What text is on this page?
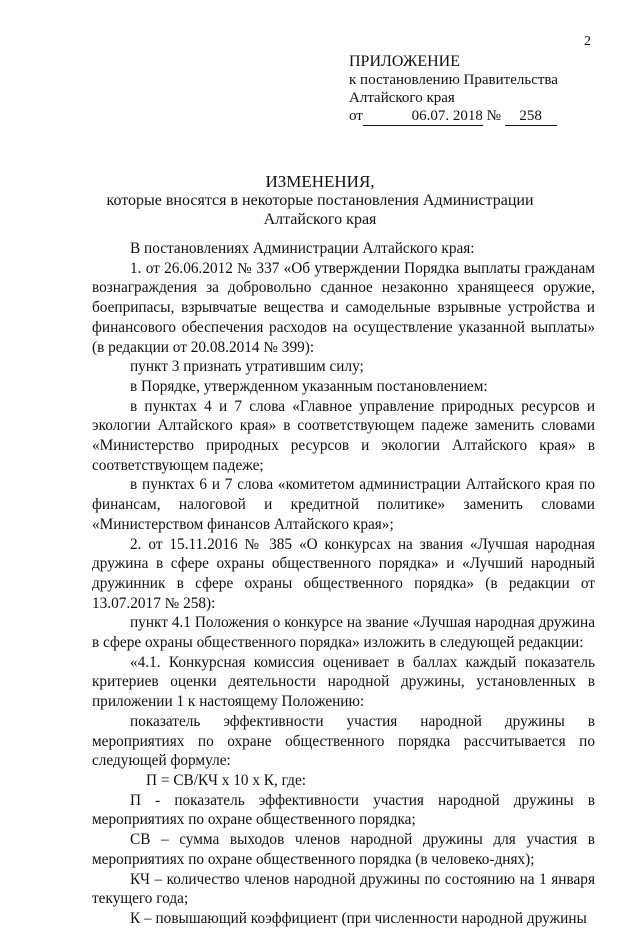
2
ПРИЛОЖЕНИЕ
к постановлению Правительства
Алтайского края
от	06.07. 2018 № 258
ИЗМЕНЕНИЯ,
которые вносятся в некоторые постановления Администрации
Алтайского края

В постановлениях Администрации Алтайского края:

1. от 26.06.2012 № 337 «Об утверждении Порядка выплаты гражданам вознаграждения за добровольно сданное незаконно хранящееся оружие, боеприпасы, взрывчатые вещества и самодельные взрывные устройства и финансового обеспечения расходов на осуществление указанной выплаты» (в редакции от 20.08.2014 № 399):

пункт 3 признать утратившим силу;

в Порядке, утвержденном указанным постановлением:

в пунктах 4 и 7 слова «Главное управление природных ресурсов и экологии Алтайского края» в соответствующем падеже заменить словами «Министерство природных ресурсов и экологии Алтайского края» в соответствующем падеже;

в пунктах 6 и 7 слова «комитетом администрации Алтайского края по финансам, налоговой и кредитной политике» заменить словами «Министерством финансов Алтайского края»;

2. от 15.11.2016 № 385 «О конкурсах на звания «Лучшая народная дружина в сфере охраны общественного порядка» и «Лучший народный дружинник в сфере охраны общественного порядка» (в редакции от 13.07.2017 № 258):

пункт 4.1 Положения о конкурсе на звание «Лучшая народная дружина в сфере охраны общественного порядка» изложить в следующей редакции:

«4.1. Конкурсная комиссия оценивает в баллах каждый показатель критериев оценки деятельности народной дружины, установленных в приложении 1 к настоящему Положению:

показатель эффективности участия народной дружины в мероприятиях по охране общественного порядка рассчитывается по следующей формуле:

П = СВ/КЧ х 10 х К, где:

П - показатель эффективности участия народной дружины в мероприятиях по охране общественного порядка;

СВ – сумма выходов членов народной дружины для участия в мероприятиях по охране общественного порядка (в человеко-днях);

КЧ – количество членов народной дружины по состоянию на 1 января текущего года;

К – повышающий коэффициент (при численности народной дружины
